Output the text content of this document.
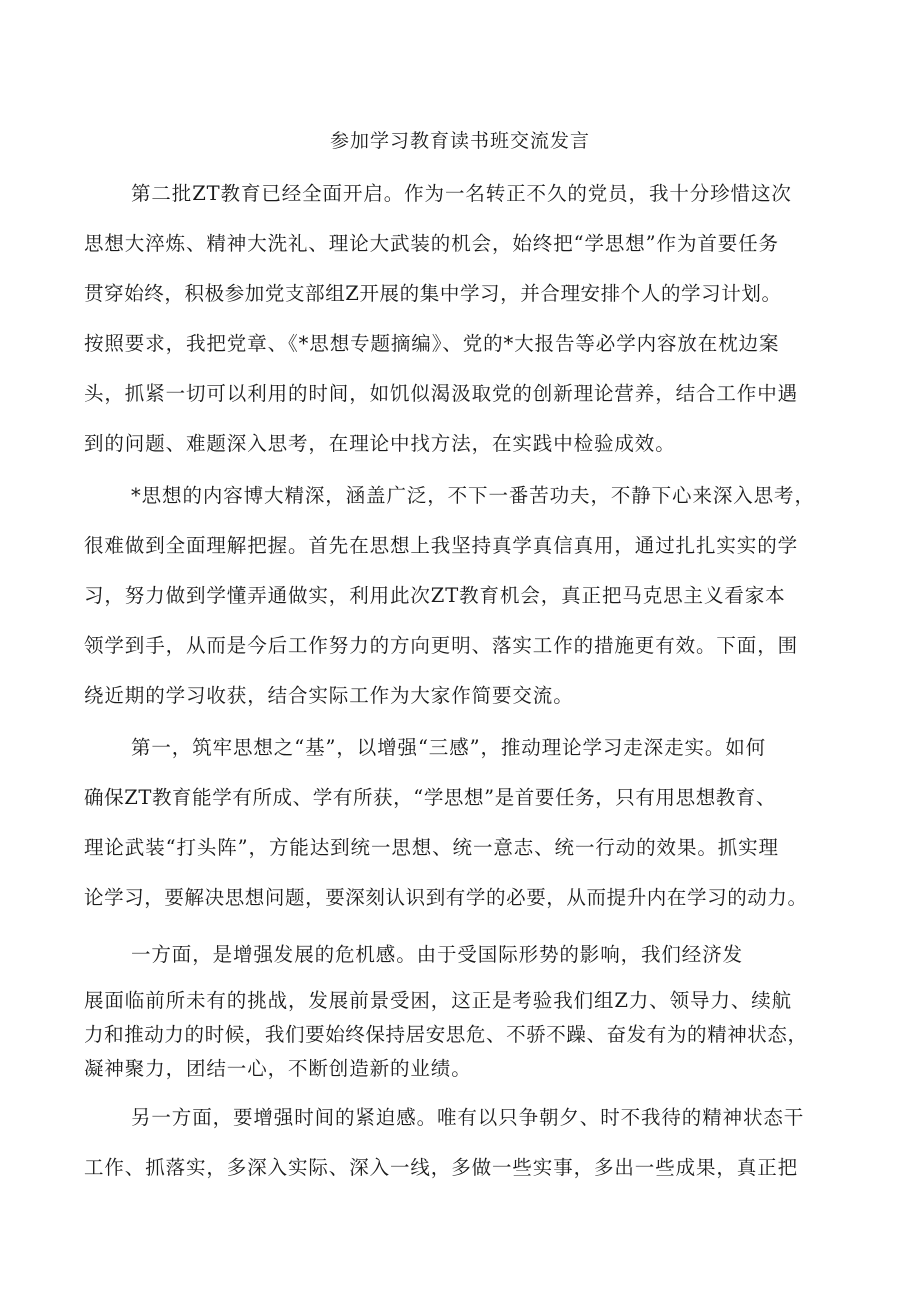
参加学习教育读书班交流发言
第二批ZT教育已经全面开启。作为一名转正不久的党员，我十分珍惜这次
思想大淬炼、精神大洗礼、理论大武装的机会，始终把“学思想”作为首要任务
贯穿始终，积极参加党支部组Z开展的集中学习，并合理安排个人的学习计划。
按照要求，我把党章、《*思想专题摘编》、党的*大报告等必学内容放在枕边案
头，抓紧一切可以利用的时间，如饥似渴汲取党的创新理论营养，结合工作中遇
到的问题、难题深入思考，在理论中找方法，在实践中检验成效。
*思想的内容博大精深，涵盖广泛，不下一番苦功夫，不静下心来深入思考，
很难做到全面理解把握。首先在思想上我坚持真学真信真用，通过扎扎实实的学
习，努力做到学懂弄通做实，利用此次ZT教育机会，真正把马克思主义看家本
领学到手，从而是今后工作努力的方向更明、落实工作的措施更有效。下面，围
绕近期的学习收获，结合实际工作为大家作简要交流。
第一，筑牢思想之“基”，以增强“三感”，推动理论学习走深走实。如何
确保ZT教育能学有所成、学有所获，“学思想”是首要任务，只有用思想教育、
理论武装“打头阵”，方能达到统一思想、统一意志、统一行动的效果。抓实理
论学习，要解决思想问题，要深刻认识到有学的必要，从而提升内在学习的动力。
一方面，是增强发展的危机感。由于受国际形势的影响，我们经济发
展面临前所未有的挑战，发展前景受困，这正是考验我们组Z力、领导力、续航
力和推动力的时候，我们要始终保持居安思危、不骄不躁、奋发有为的精神状态，
凝神聚力，团结一心，不断创造新的业绩。
另一方面，要增强时间的紧迫感。唯有以只争朝夕、时不我待的精神状态干
工作、抓落实，多深入实际、深入一线，多做一些实事，多出一些成果，真正把
